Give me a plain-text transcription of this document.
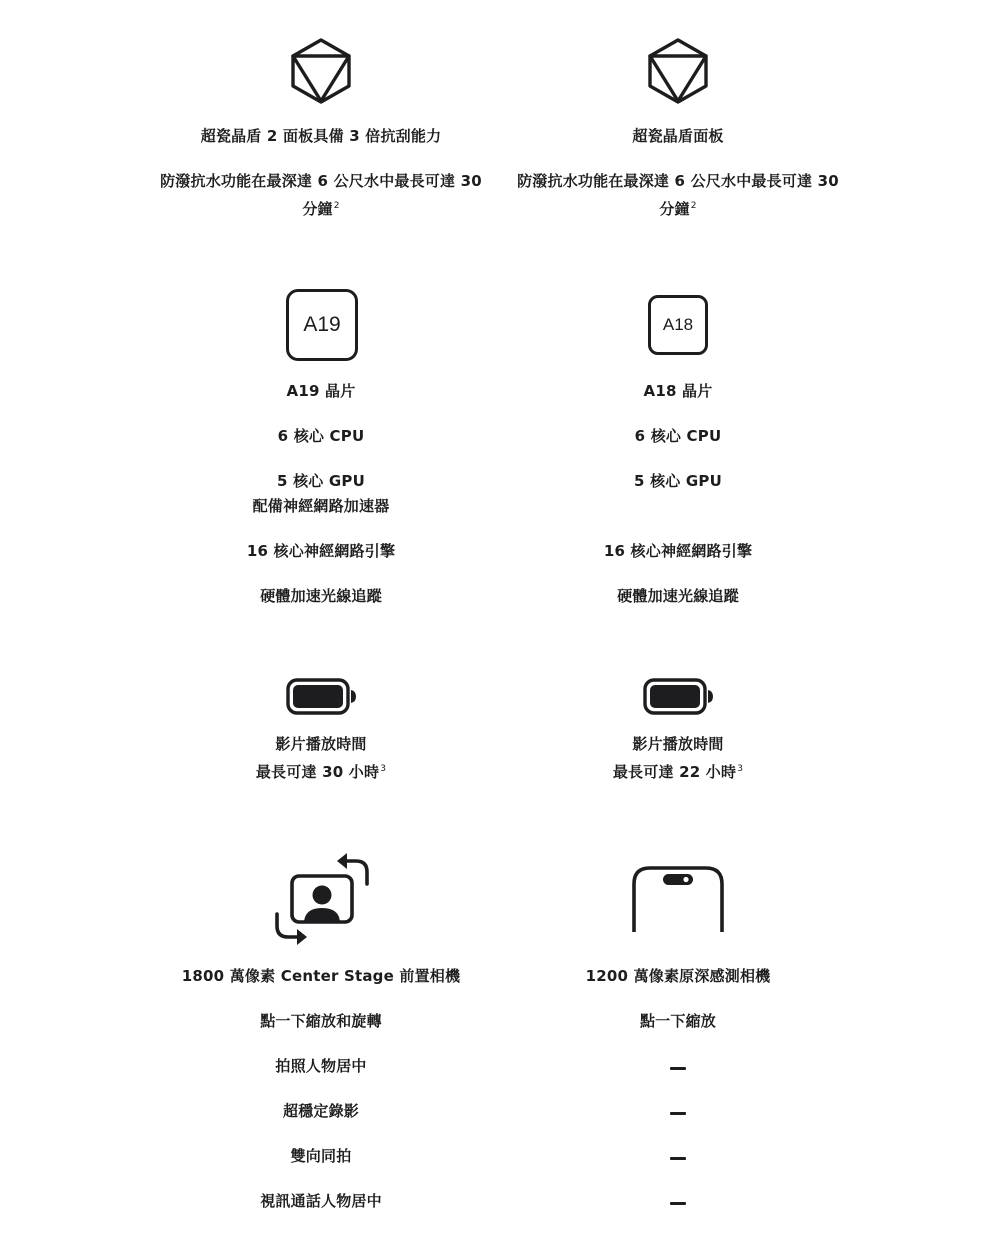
超瓷晶盾 2 面板具備 3 倍抗刮能力
防潑抗水功能在最深達 6 公尺水中最長可達 30
分鐘$^2$
A19
A19 晶片
6 核心 CPU
5 核心 GPU
配備神經網路加速器
16 核心神經網路引擎
硬體加速光線追蹤
影片播放時間
最長可達 30 小時$^3$
1800 萬像素 Center Stage 前置相機
點一下縮放和旋轉
拍照人物居中
超穩定錄影
雙向同拍
視訊通話人物居中
超瓷晶盾面板
防潑抗水功能在最深達 6 公尺水中最長可達 30
分鐘$^2$
A18
A18 晶片
6 核心 CPU
5 核心 GPU
16 核心神經網路引擎
硬體加速光線追蹤
影片播放時間
最長可達 22 小時$^3$
1200 萬像素原深感測相機
點一下縮放
